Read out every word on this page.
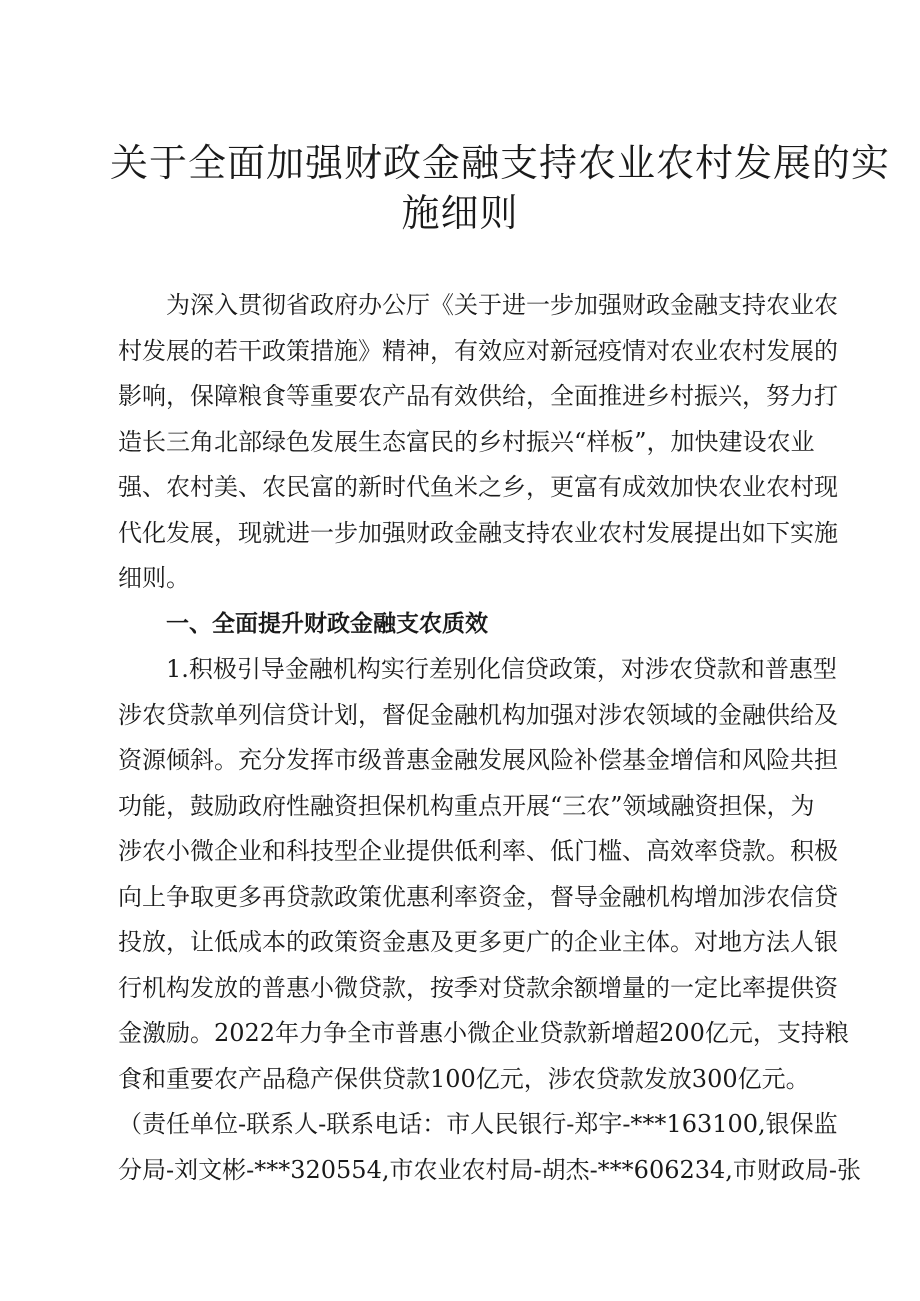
关于全面加强财政金融支持农业农村发展的实
施细则
为深入贯彻省政府办公厅《关于进一步加强财政金融支持农业农
村发展的若干政策措施》精神，有效应对新冠疫情对农业农村发展的
影响，保障粮食等重要农产品有效供给，全面推进乡村振兴，努力打
造长三角北部绿色发展生态富民的乡村振兴“样板”，加快建设农业
强、农村美、农民富的新时代鱼米之乡，更富有成效加快农业农村现
代化发展，现就进一步加强财政金融支持农业农村发展提出如下实施
细则。
一、全面提升财政金融支农质效
1.积极引导金融机构实行差别化信贷政策，对涉农贷款和普惠型
涉农贷款单列信贷计划，督促金融机构加强对涉农领域的金融供给及
资源倾斜。充分发挥市级普惠金融发展风险补偿基金增信和风险共担
功能，鼓励政府性融资担保机构重点开展“三农”领域融资担保，为
涉农小微企业和科技型企业提供低利率、低门槛、高效率贷款。积极
向上争取更多再贷款政策优惠利率资金，督导金融机构增加涉农信贷
投放，让低成本的政策资金惠及更多更广的企业主体。对地方法人银
行机构发放的普惠小微贷款，按季对贷款余额增量的一定比率提供资
金激励。2022年力争全市普惠小微企业贷款新增超200亿元，支持粮
食和重要农产品稳产保供贷款100亿元，涉农贷款发放300亿元。
（责任单位-联系人-联系电话：市人民银行-郑宇-***163100,银保监
分局-刘文彬-***320554,市农业农村局-胡杰-***606234,市财政局-张
